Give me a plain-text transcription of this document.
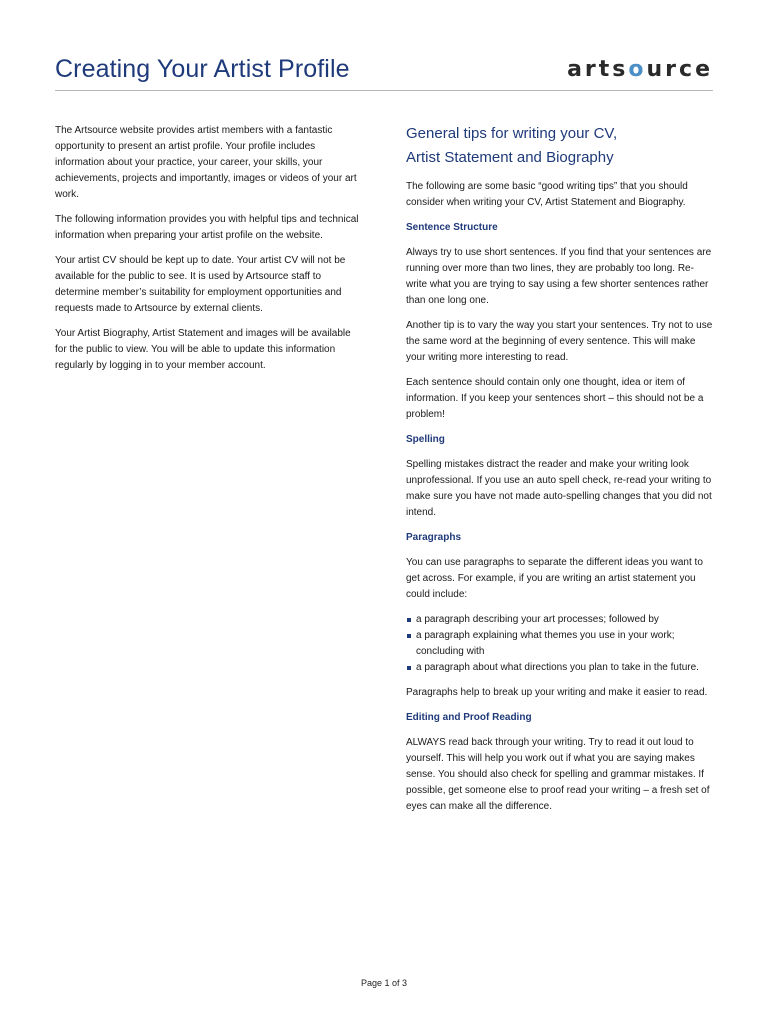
Creating Your Artist Profile	artsource

The Artsource website provides artist members with a fantastic opportunity to present an artist profile. Your profile includes information about your practice, your career, your skills, your achievements, projects and importantly, images or videos of your art work.

The following information provides you with helpful tips and technical information when preparing your artist profile on the website.

Your artist CV should be kept up to date. Your artist CV will not be available for the public to see. It is used by Artsource staff to determine member’s suitability for employment opportunities and requests made to Artsource by external clients.

Your Artist Biography, Artist Statement and images will be available for the public to view. You will be able to update this information regularly by logging in to your member account.

General tips for writing your CV,
Artist Statement and Biography

The following are some basic “good writing tips” that you should consider when writing your CV, Artist Statement and Biography.

Sentence Structure

Always try to use short sentences. If you find that your sentences are running over more than two lines, they are probably too long. Re-write what you are trying to say using a few shorter sentences rather than one long one.

Another tip is to vary the way you start your sentences. Try not to use the same word at the beginning of every sentence. This will make your writing more interesting to read.

Each sentence should contain only one thought, idea or item of information. If you keep your sentences short – this should not be a problem!

Spelling

Spelling mistakes distract the reader and make your writing look unprofessional. If you use an auto spell check, re-read your writing to make sure you have not made auto-spelling changes that you did not intend.

Paragraphs

You can use paragraphs to separate the different ideas you want to get across. For example, if you are writing an artist statement you could include:

a paragraph describing your art processes; followed by
a paragraph explaining what themes you use in your work; concluding with
a paragraph about what directions you plan to take in the future.

Paragraphs help to break up your writing and make it easier to read.

Editing and Proof Reading

ALWAYS read back through your writing. Try to read it out loud to yourself. This will help you work out if what you are saying makes sense. You should also check for spelling and grammar mistakes. If possible, get someone else to proof read your writing – a fresh set of eyes can make all the difference.

Page 1 of 3
